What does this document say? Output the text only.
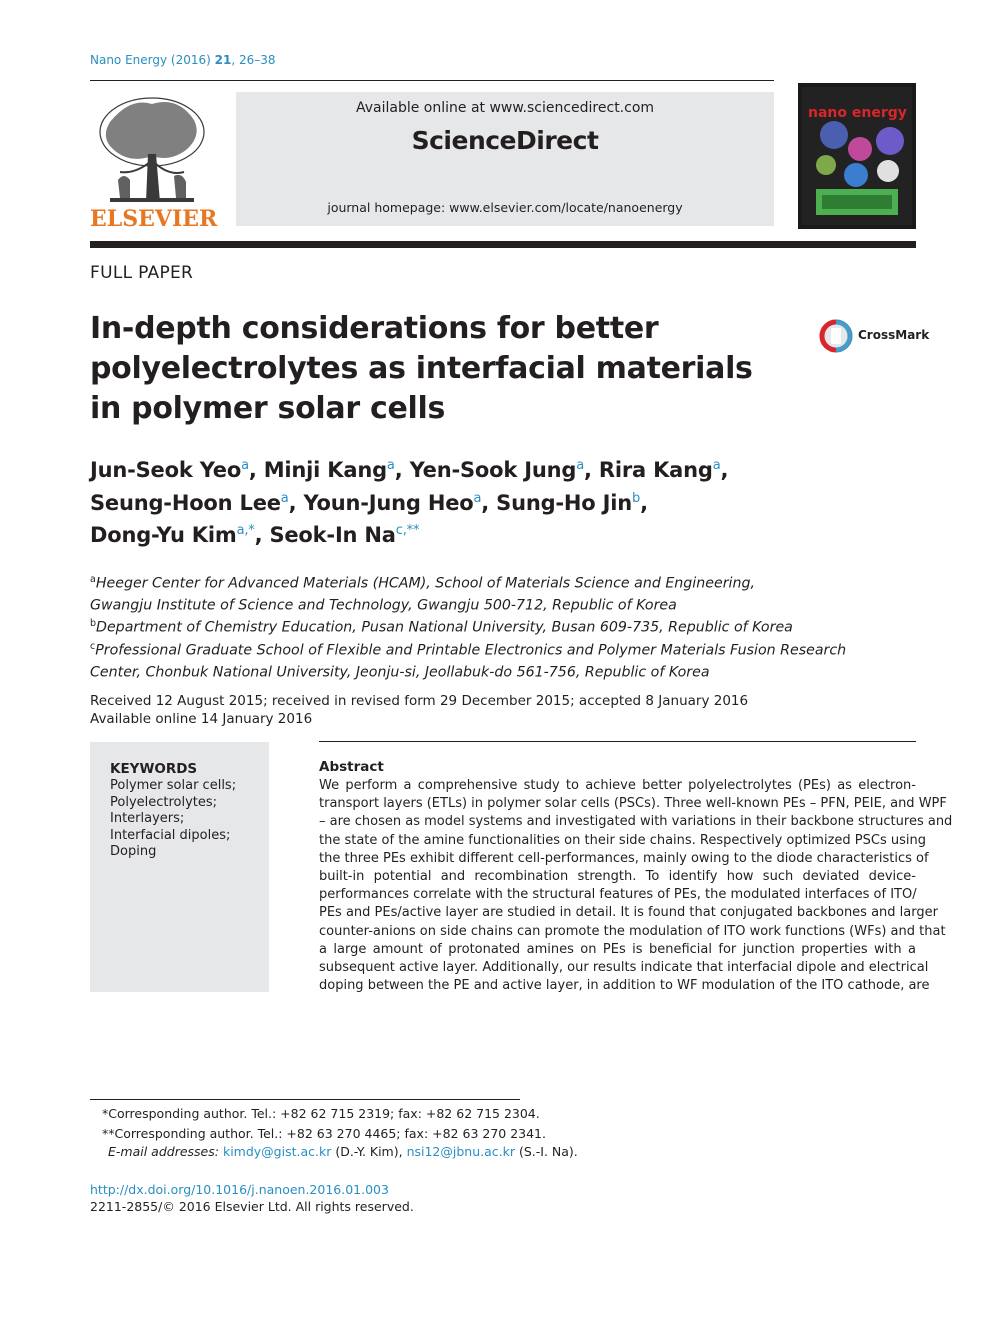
Nano Energy (2016) 21, 26–38
ELSEVIER
Available online at www.sciencedirect.com
ScienceDirect
journal homepage: www.elsevier.com/locate/nanoenergy
nano energy
FULL PAPER
In-depth considerations for better
polyelectrolytes as interfacial materials
in polymer solar cells
CrossMark
Jun-Seok Yeo$^a$, Minji Kang$^a$, Yen-Sook Jung$^a$, Rira Kang$^a$,
Seung-Hoon Lee$^a$, Youn-Jung Heo$^a$, Sung-Ho Jin$^b$,
Dong-Yu Kim$^{a,*}$, Seok-In $Na^{c,**}$
$^a$Heeger Center for Advanced Materials (HCAM), School of Materials Science and Engineering,
Gwangju Institute of Science and Technology, Gwangju 500-712, Republic of Korea
$^b$Department of Chemistry Education, Pusan National University, Busan 609-735, Republic of Korea
$^c$Professional Graduate School of Flexible and Printable Electronics and Polymer Materials Fusion Research
Center, Chonbuk National University, Jeonju-si, Jeollabuk-do 561-756, Republic of Korea
Received 12 August 2015; received in revised form 29 December 2015; accepted 8 January 2016
Available online 14 January 2016
KEYWORDS
Polymer solar cells;
Polyelectrolytes;
Interlayers;
Interfacial dipoles;
Doping
Abstract
We perform a comprehensive study to achieve better polyelectrolytes (PEs) as electron-
transport layers (ETLs) in polymer solar cells (PSCs). Three well-known PEs – PFN, PEIE, and WPF
– are chosen as model systems and investigated with variations in their backbone structures and
the state of the amine functionalities on their side chains. Respectively optimized PSCs using
the three PEs exhibit different cell-performances, mainly owing to the diode characteristics of
built-in potential and recombination strength. To identify how such deviated device-
performances correlate with the structural features of PEs, the modulated interfaces of ITO/
PEs and PEs/active layer are studied in detail. It is found that conjugated backbones and larger
counter-anions on side chains can promote the modulation of ITO work functions (WFs) and that
a large amount of protonated amines on PEs is beneficial for junction properties with a
subsequent active layer. Additionally, our results indicate that interfacial dipole and electrical
doping between the PE and active layer, in addition to WF modulation of the ITO cathode, are
*Corresponding author. Tel.: +82 62 715 2319; fax: +82 62 715 2304.
**Corresponding author. Tel.: +82 63 270 4465; fax: +82 63 270 2341.
E-mail addresses: kimdy@gist.ac.kr (D.-Y. Kim), nsi12@jbnu.ac.kr (S.-I. Na).
http://dx.doi.org/10.1016/j.nanoen.2016.01.003
2211-2855/© 2016 Elsevier Ltd. All rights reserved.
